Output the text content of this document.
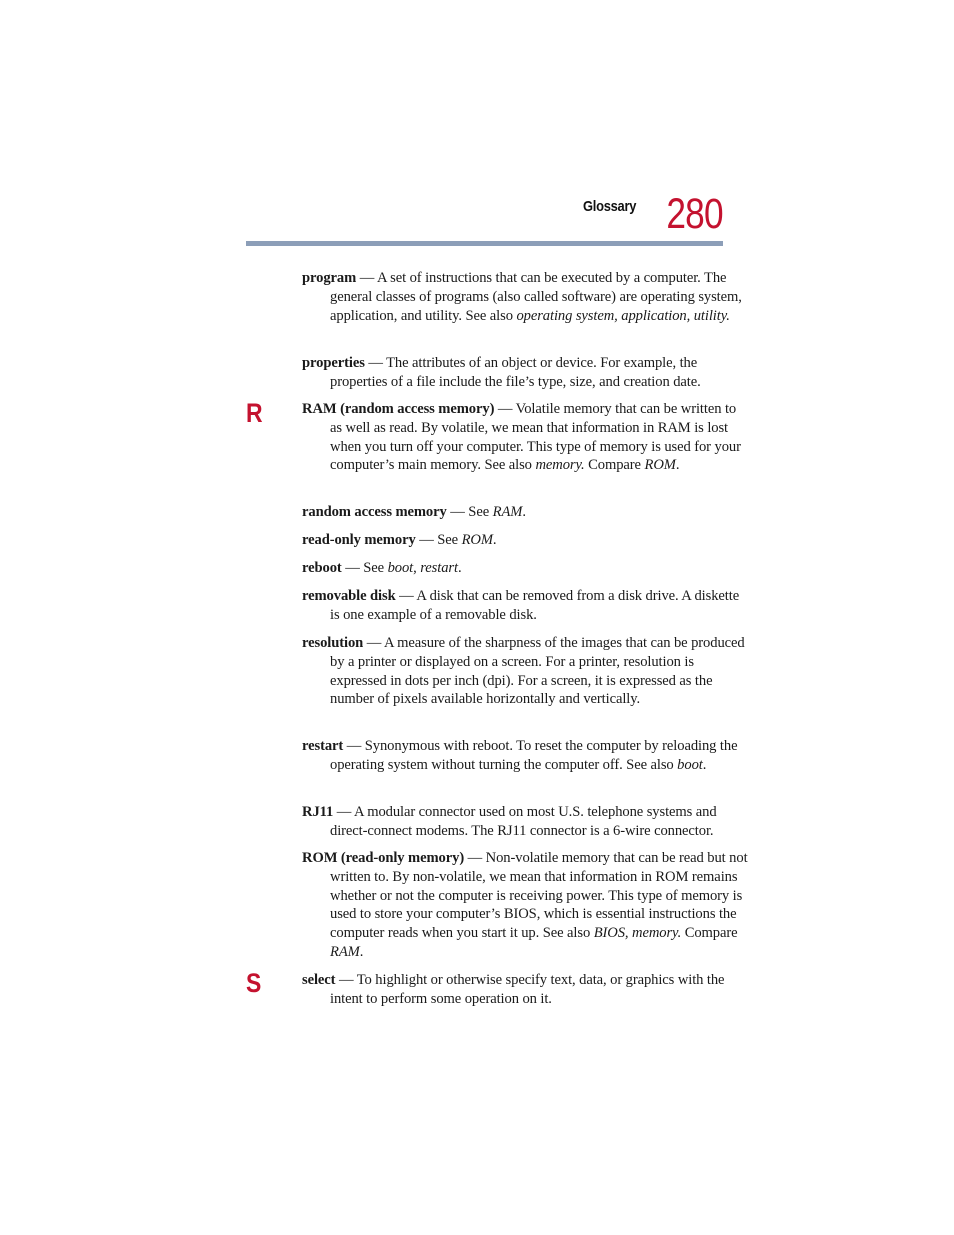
Glossary 280
R
S
program — A set of instructions that can be executed by a computer. The general classes of programs (also called software) are operating system, application, and utility. See also operating system, application, utility.
properties — The attributes of an object or device. For example, the properties of a file include the file’s type, size, and creation date.
RAM (random access memory) — Volatile memory that can be written to as well as read. By volatile, we mean that information in RAM is lost when you turn off your computer. This type of memory is used for your computer’s main memory. See also memory. Compare ROM.
random access memory — See RAM.
read-only memory — See ROM.
reboot — See boot, restart.
removable disk — A disk that can be removed from a disk drive. A diskette is one example of a removable disk.
resolution — A measure of the sharpness of the images that can be produced by a printer or displayed on a screen. For a printer, resolution is expressed in dots per inch (dpi). For a screen, it is expressed as the number of pixels available horizontally and vertically.
restart — Synonymous with reboot. To reset the computer by reloading the operating system without turning the computer off. See also boot.
RJ11 — A modular connector used on most U.S. telephone systems and direct-connect modems. The RJ11 connector is a 6-wire connector.
ROM (read-only memory) — Non-volatile memory that can be read but not written to. By non-volatile, we mean that information in ROM remains whether or not the computer is receiving power. This type of memory is used to store your computer’s BIOS, which is essential instructions the computer reads when you start it up. See also BIOS, memory. Compare RAM.
select — To highlight or otherwise specify text, data, or graphics with the intent to perform some operation on it.
